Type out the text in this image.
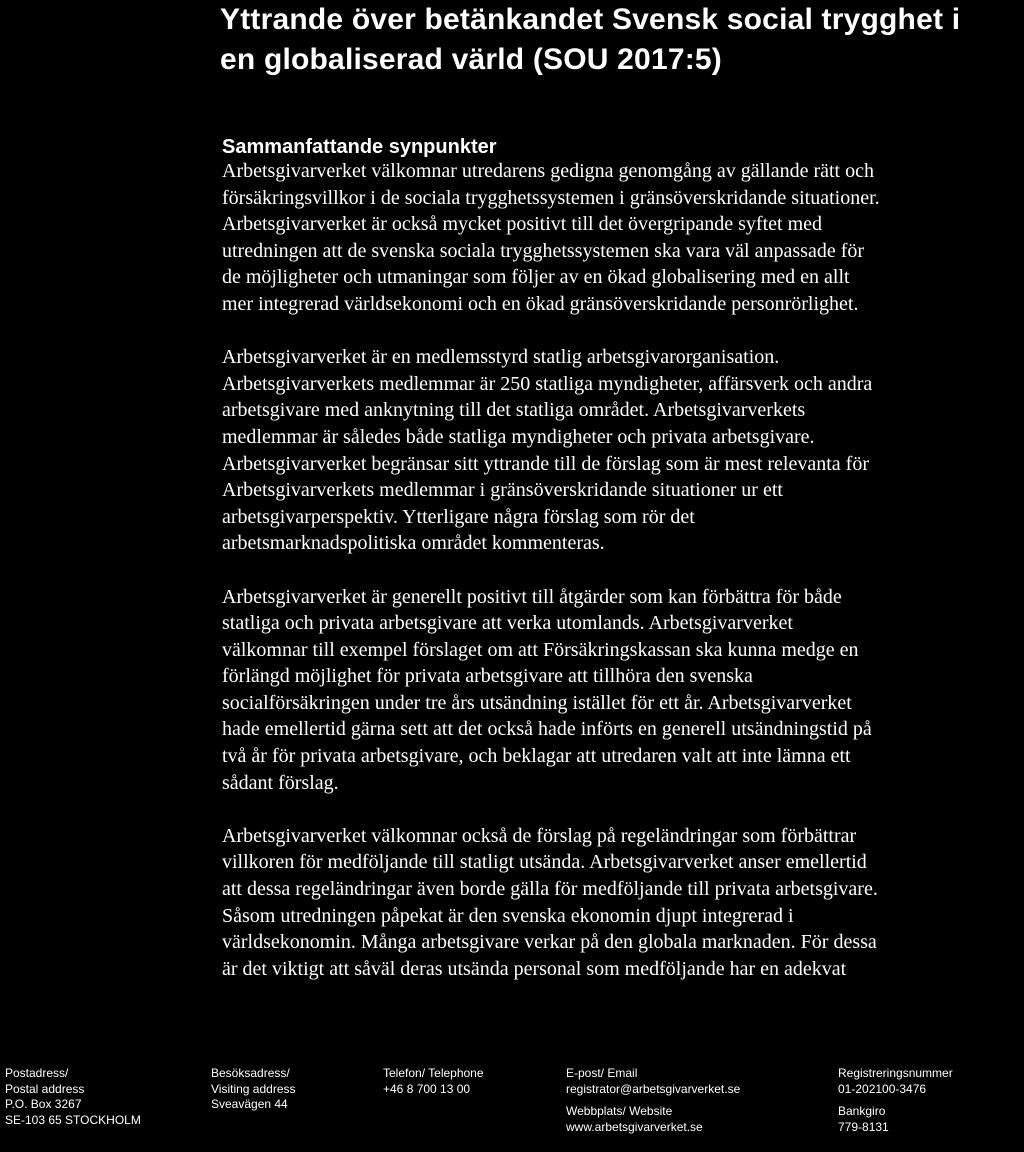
Yttrande över betänkandet Svensk social trygghet i
en globaliserad värld (SOU 2017:5)
Sammanfattande synpunkter

Arbetsgivarverket välkomnar utredarens gedigna genomgång av gällande rätt och
försäkringsvillkor i de sociala trygghetssystemen i gränsöverskridande situationer.
Arbetsgivarverket är också mycket positivt till det övergripande syftet med
utredningen att de svenska sociala trygghetssystemen ska vara väl anpassade för
de möjligheter och utmaningar som följer av en ökad globalisering med en allt
mer integrerad världsekonomi och en ökad gränsöverskridande personrörlighet.

Arbetsgivarverket är en medlemsstyrd statlig arbetsgivarorganisation.
Arbetsgivarverkets medlemmar är 250 statliga myndigheter, affärsverk och andra
arbetsgivare med anknytning till det statliga området. Arbetsgivarverkets
medlemmar är således både statliga myndigheter och privata arbetsgivare.
Arbetsgivarverket begränsar sitt yttrande till de förslag som är mest relevanta för
Arbetsgivarverkets medlemmar i gränsöverskridande situationer ur ett
arbetsgivarperspektiv. Ytterligare några förslag som rör det
arbetsmarknadspolitiska området kommenteras.

Arbetsgivarverket är generellt positivt till åtgärder som kan förbättra för både
statliga och privata arbetsgivare att verka utomlands. Arbetsgivarverket
välkomnar till exempel förslaget om att Försäkringskassan ska kunna medge en
förlängd möjlighet för privata arbetsgivare att tillhöra den svenska
socialförsäkringen under tre års utsändning istället för ett år. Arbetsgivarverket
hade emellertid gärna sett att det också hade införts en generell utsändningstid på
två år för privata arbetsgivare, och beklagar att utredaren valt att inte lämna ett
sådant förslag.

Arbetsgivarverket välkomnar också de förslag på regeländringar som förbättrar
villkoren för medföljande till statligt utsända. Arbetsgivarverket anser emellertid
att dessa regeländringar även borde gälla för medföljande till privata arbetsgivare.
Såsom utredningen påpekat är den svenska ekonomin djupt integrerad i
världsekonomin. Många arbetsgivare verkar på den globala marknaden. För dessa
är det viktigt att såväl deras utsända personal som medföljande har en adekvat

Postadress/
Postal address
P.O. Box 3267
SE-103 65 STOCKHOLM
Besöksadress/
Visiting address
Sveavägen 44
Telefon/ Telephone
+46 8 700 13 00
E-post/ Email
registrator@arbetsgivarverket.se
Webbplats/ Website
www.arbetsgivarverket.se
Registreringsnummer
01-202100-3476
Bankgiro
779-8131
